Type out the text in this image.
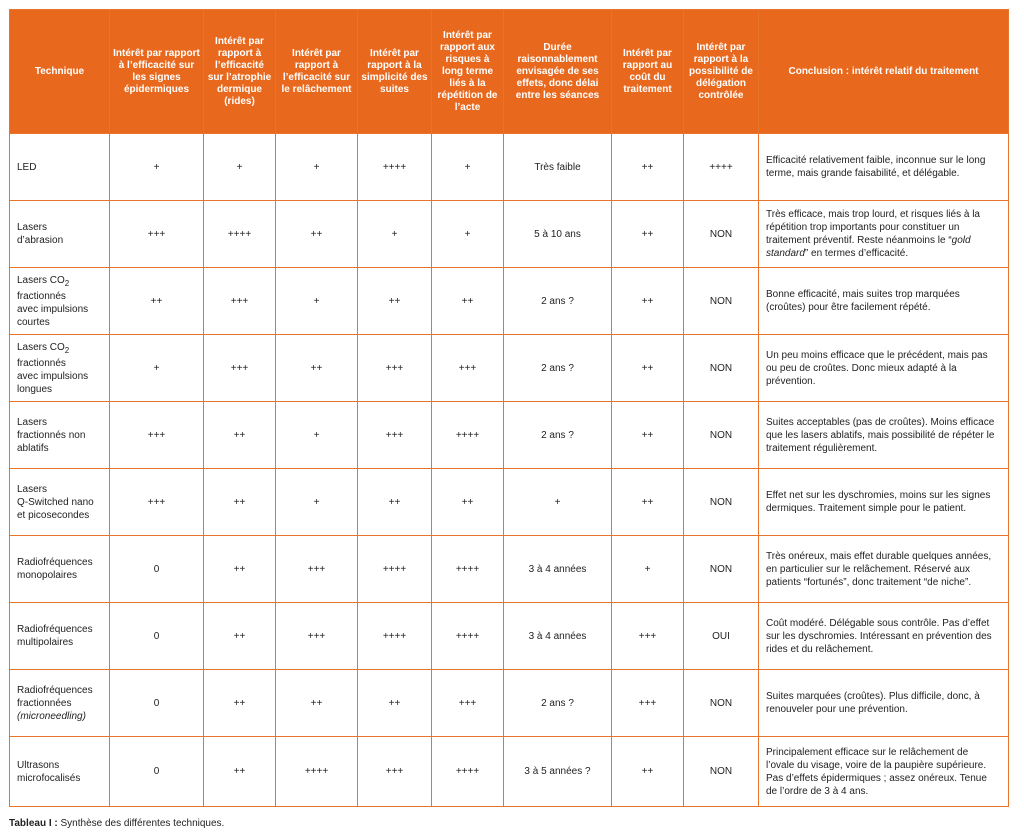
Technique	Intérêt par rapport à l’efficacité sur les signes épidermiques	Intérêt par rapport à l’efficacité sur l’atrophie dermique (rides)	Intérêt par rapport à l’efficacité sur le relâchement	Intérêt par rapport à la simplicité des suites	Intérêt par rapport aux risques à long terme liés à la répétition de l’acte	Durée raisonnablement envisagée de ses effets, donc délai entre les séances	Intérêt par rapport au coût du traitement	Intérêt par rapport à la possibilité de délégation contrôlée	Conclusion : intérêt relatif du traitement
LED	+	+	+	++++	+	Très faible	++	++++	Efficacité relativement faible, inconnue sur le long terme, mais grande faisabilité, et délégable.
Lasers
d’abrasion	+++	++++	++	+	+	5 à 10 ans	++	NON	Très efficace, mais trop lourd, et risques liés à la répétition trop importants pour constituer un traitement préventif. Reste néanmoins le “gold standard” en termes d’efficacité.
Lasers $CO_2$
fractionnés
avec impulsions
courtes	++	+++	+	++	++	2 ans ?	++	NON	Bonne efficacité, mais suites trop marquées (croûtes) pour être facilement répété.
Lasers $CO_2$
fractionnés
avec impulsions
longues	+	+++	++	+++	+++	2 ans ?	++	NON	Un peu moins efficace que le précédent, mais pas ou peu de croûtes. Donc mieux adapté à la prévention.
Lasers
fractionnés non
ablatifs	+++	++	+	+++	++++	2 ans ?	++	NON	Suites acceptables (pas de croûtes). Moins efficace que les lasers ablatifs, mais possibilité de répéter le traitement régulièrement.
Lasers
Q-Switched nano
et picosecondes	+++	++	+	++	++	+	++	NON	Effet net sur les dyschromies, moins sur les signes dermiques. Traitement simple pour le patient.
Radiofréquences
monopolaires	0	++	+++	++++	++++	3 à 4 années	+	NON	Très onéreux, mais effet durable quelques années, en particulier sur le relâchement. Réservé aux patients “fortunés”, donc traitement “de niche”.
Radiofréquences
multipolaires	0	++	+++	++++	++++	3 à 4 années	+++	OUI	Coût modéré. Délégable sous contrôle. Pas d’effet sur les dyschromies. Intéressant en prévention des rides et du relâchement.
Radiofréquences
fractionnées
(microneedling)	0	++	++	++	+++	2 ans ?	+++	NON	Suites marquées (croûtes). Plus difficile, donc, à renouveler pour une prévention.
Ultrasons
microfocalisés	0	++	++++	+++	++++	3 à 5 années ?	++	NON	Principalement efficace sur le relâchement de l’ovale du visage, voire de la paupière supérieure. Pas d’effets épidermiques ; assez onéreux. Tenue de l’ordre de 3 à 4 ans.
Tableau I : Synthèse des différentes techniques.
